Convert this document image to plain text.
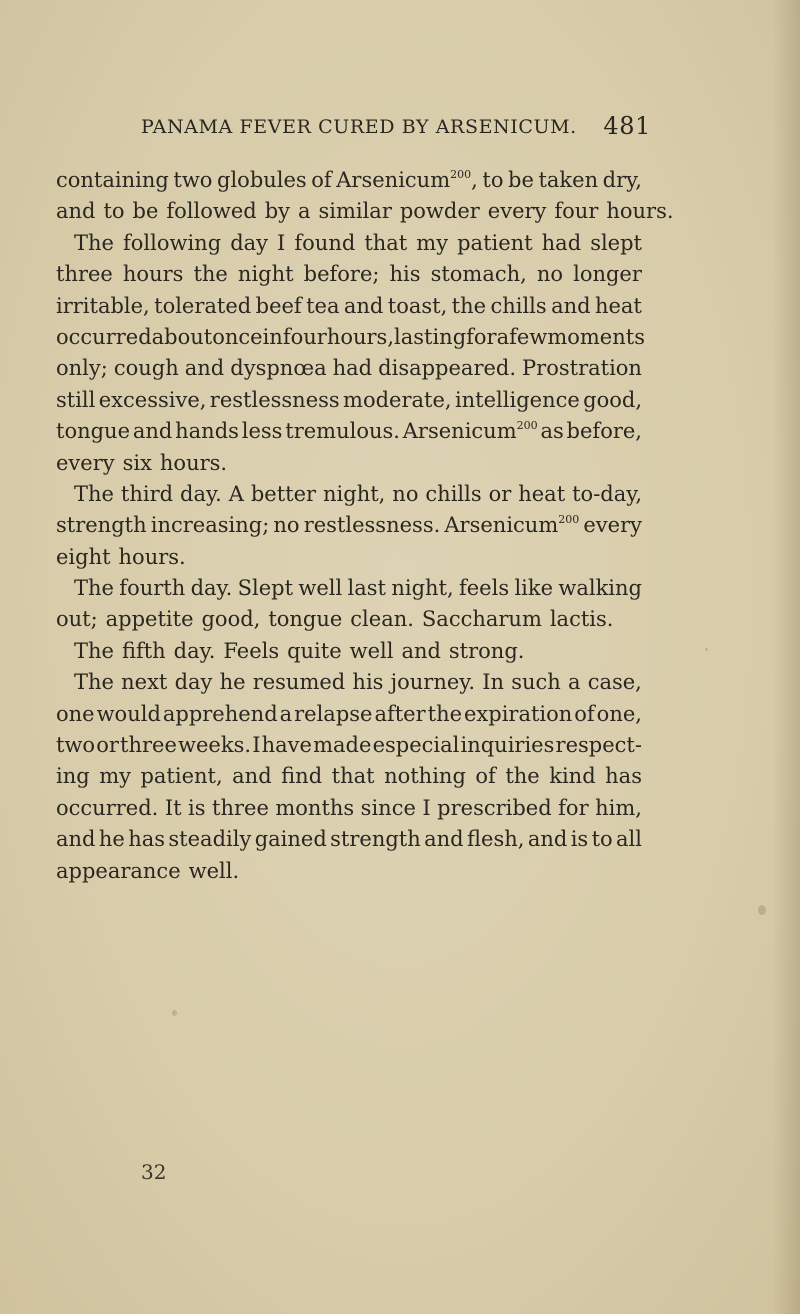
PANAMA FEVER CURED BY ARSENICUM. 481
containing two globules of Arsenicum$^{200}$, to be taken dry,
and to be followed by a similar powder every four hours.
The following day I found that my patient had slept
three hours the night before; his stomach, no longer
irritable, tolerated beef tea and toast, the chills and heat
occurred about once in four hours, lasting for a few moments
only; cough and dyspnœa had disappeared. Prostration
still excessive, restlessness moderate, intelligence good,
tongue and hands less tremulous. Arsenicum$^{200}$ as before,
every six hours.
The third day. A better night, no chills or heat to-day,
strength increasing; no restlessness. Arsenicum$^{200}$ every
eight hours.
The fourth day. Slept well last night, feels like walking
out; appetite good, tongue clean. Saccharum lactis.
The fifth day. Feels quite well and strong.
The next day he resumed his journey. In such a case,
one would apprehend a relapse after the expiration of one,
two or three weeks. I have made especial inquiries respect-
ing my patient, and find that nothing of the kind has
occurred. It is three months since I prescribed for him,
and he has steadily gained strength and flesh, and is to all
appearance well.
32
